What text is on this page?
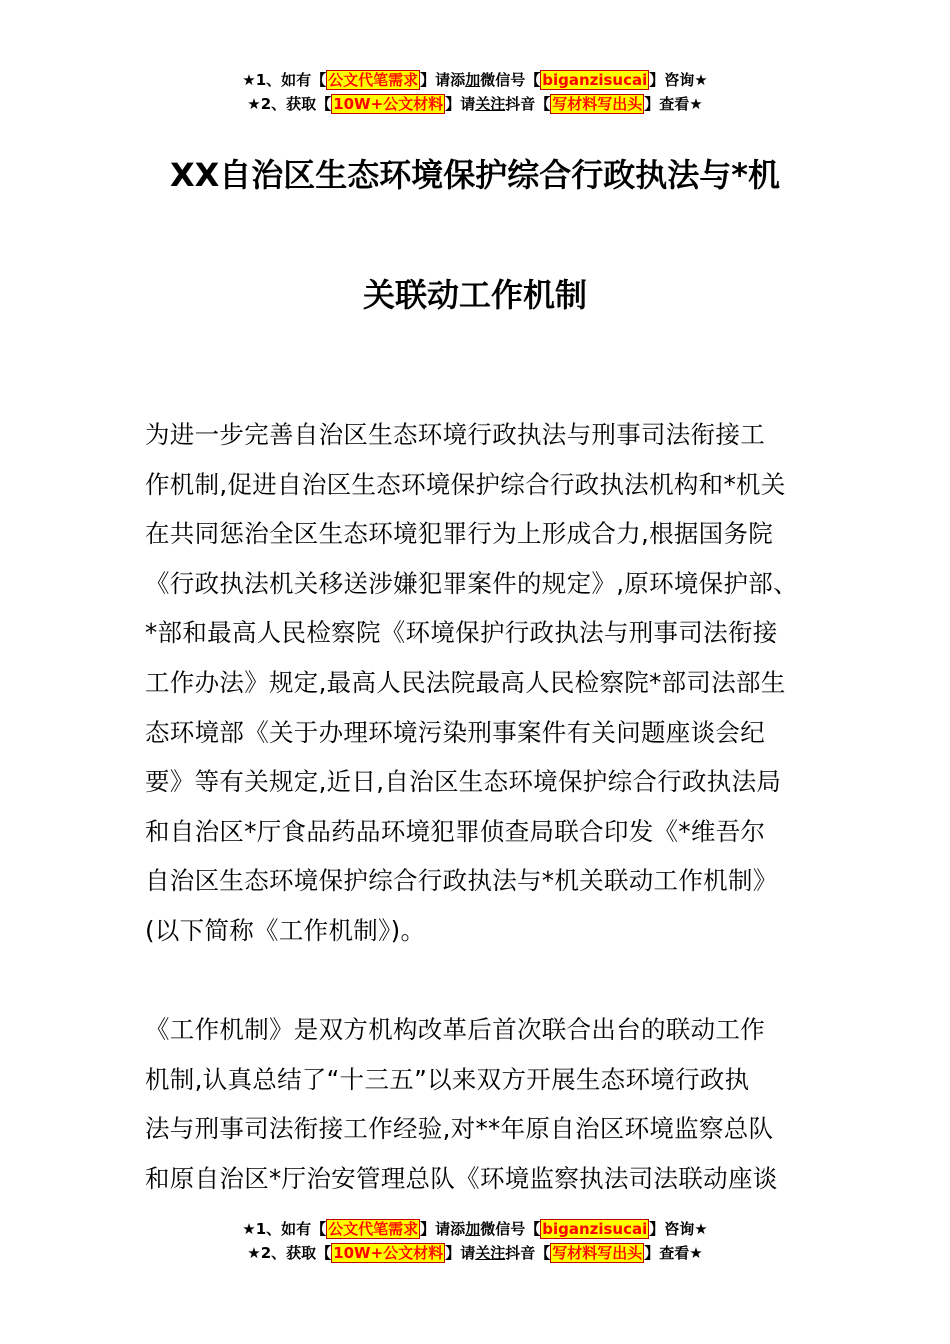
★1、如有【 公文代笔需求 】请添加微信号【 biganzisucai 】咨询★
★2、获取【 10W+公文材料 】请关注抖音【 写材料写出头 】查看★
XX自治区生态环境保护综合行政执法与*机
关联动工作机制
为进一步完善自治区生态环境行政执法与刑事司法衔接工
作机制,促进自治区生态环境保护综合行政执法机构和*机关
在共同惩治全区生态环境犯罪行为上形成合力,根据国务院
《行政执法机关移送涉嫌犯罪案件的规定》,原环境保护部、
*部和最高人民检察院《环境保护行政执法与刑事司法衔接
工作办法》规定,最高人民法院最高人民检察院*部司法部生
态环境部《关于办理环境污染刑事案件有关问题座谈会纪
要》等有关规定,近日,自治区生态环境保护综合行政执法局
和自治区*厅食品药品环境犯罪侦查局联合印发《*维吾尔
自治区生态环境保护综合行政执法与*机关联动工作机制》
(以下简称《工作机制》)。
《工作机制》是双方机构改革后首次联合出台的联动工作
机制,认真总结了“十三五”以来双方开展生态环境行政执
法与刑事司法衔接工作经验,对**年原自治区环境监察总队
和原自治区*厅治安管理总队《环境监察执法司法联动座谈
★1、如有【 公文代笔需求 】请添加微信号【 biganzisucai 】咨询★
★2、获取【 10W+公文材料 】请关注抖音【 写材料写出头 】查看★
